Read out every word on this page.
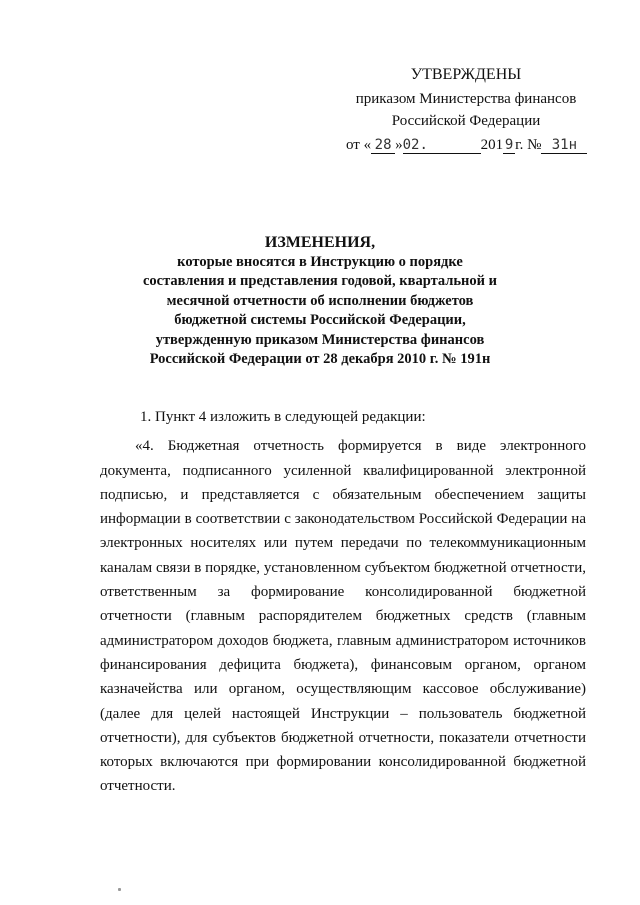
УТВЕРЖДЕНЫ
приказом Министерства финансов
Российской Федерации
от « 28 »02.	201 9 г. № 31н
ИЗМЕНЕНИЯ,
которые вносятся в Инструкцию о порядке
составления и представления годовой, квартальной и
месячной отчетности об исполнении бюджетов
бюджетной системы Российской Федерации,
утвержденную приказом Министерства финансов
Российской Федерации от 28 декабря 2010 г. № 191н

1. Пункт 4 изложить в следующей редакции:

«4. Бюджетная отчетность формируется в виде электронного документа, подписанного усиленной квалифицированной электронной подписью, и представляется с обязательным обеспечением защиты информации в соответствии с законодательством Российской Федерации на электронных носителях или путем передачи по телекоммуникационным каналам связи в порядке, установленном субъектом бюджетной отчетности, ответственным за формирование консолидированной бюджетной отчетности (главным распорядителем бюджетных средств (главным администратором доходов бюджета, главным администратором источников финансирования дефицита бюджета), финансовым органом, органом казначейства или органом, осуществляющим кассовое обслуживание) (далее для целей настоящей Инструкции – пользователь бюджетной отчетности), для субъектов бюджетной отчетности, показатели отчетности которых включаются при формировании консолидированной бюджетной отчетности.
